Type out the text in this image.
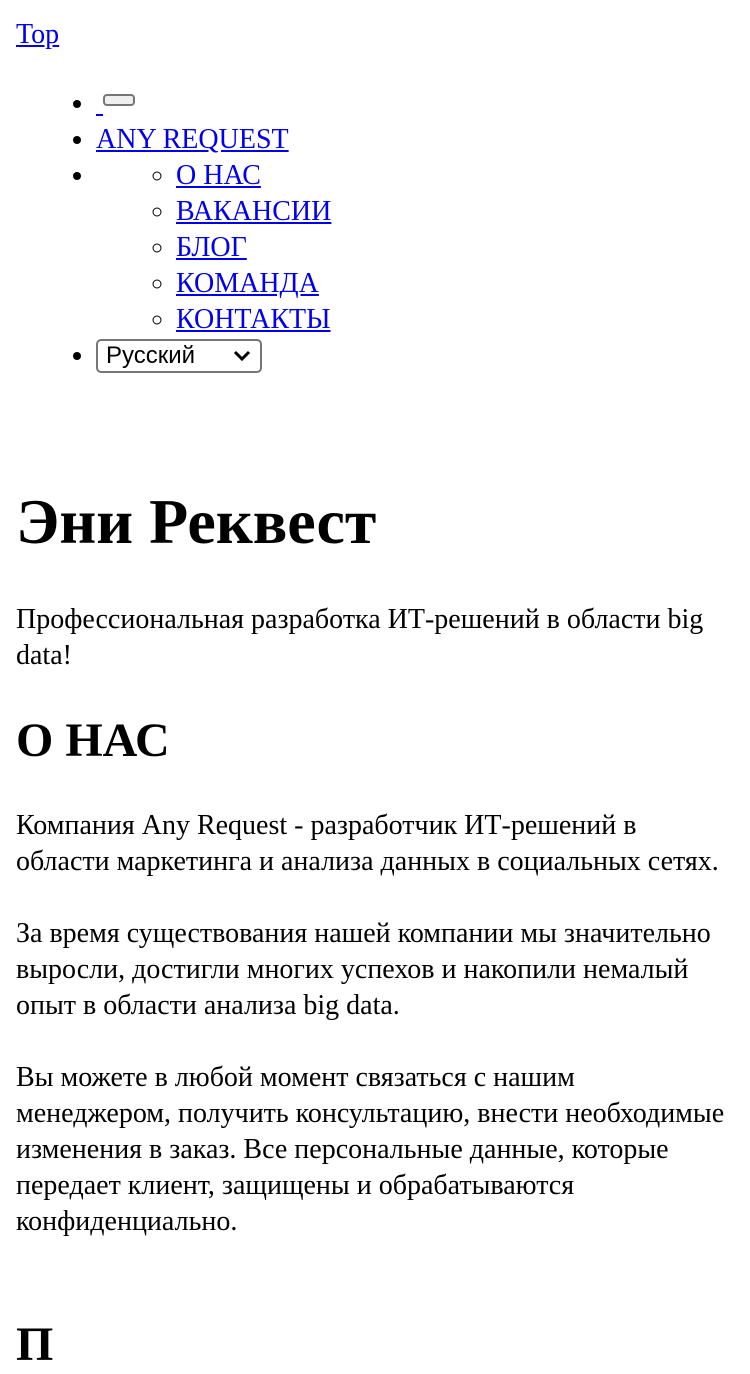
Top
•
• ANY REQUEST
◦ • О НАС
◦ ВАКАНСИИ
◦ БЛОГ
◦ КОМАНДА
◦ КОНТАКТЫ
• Русский
Эни Реквест

Профессиональная разработка ИТ-решений в области big data!

О НАС

Компания Any Request - разработчик ИТ-решений в области маркетинга и анализа данных в социальных сетях.

За время существования нашей компании мы значительно выросли, достигли многих успехов и накопили немалый опыт в области анализа big data.

Вы можете в любой момент связаться с нашим менеджером, получить консультацию, внести необходимые изменения в заказ. Все персональные данные, которые передает клиент, защищены и обрабатываются конфиденциально.

П
